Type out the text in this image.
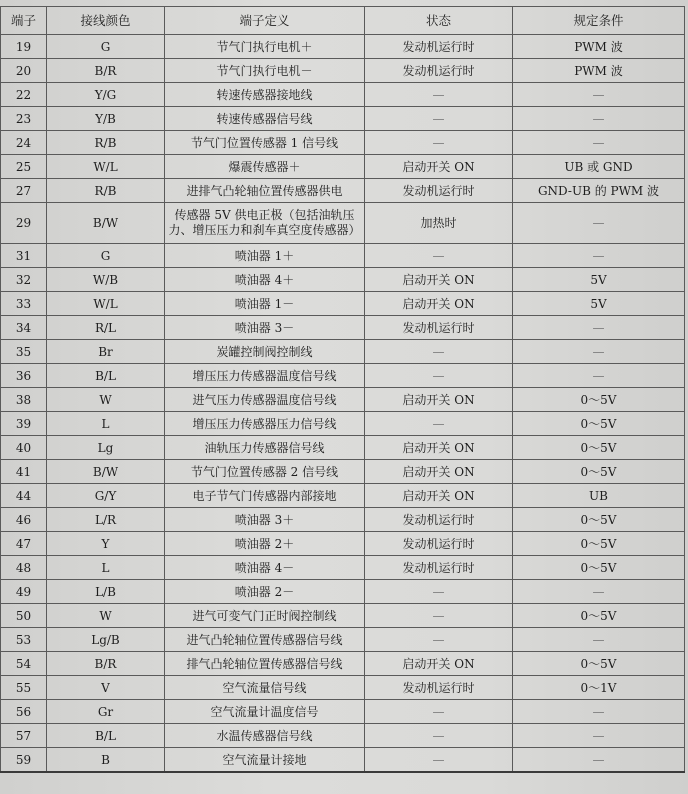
端子	接线颜色	端子定义	状态	规定条件
19	G	节气门执行电机＋	发动机运行时	PWM 波
20	B/R	节气门执行电机－	发动机运行时	PWM 波
22	Y/G	转速传感器接地线	—	—
23	Y/B	转速传感器信号线	—	—
24	R/B	节气门位置传感器 1 信号线	—	—
25	W/L	爆震传感器＋	启动开关 ON	UB 或 GND
27	R/B	进排气凸轮轴位置传感器供电	发动机运行时	GND-UB 的 PWM 波
29	B/W	传感器 5V 供电正极（包括油轨压力、增压压力和刹车真空度传感器）	加热时	—
31	G	喷油器 1＋	—	—
32	W/B	喷油器 4＋	启动开关 ON	5V
33	W/L	喷油器 1－	启动开关 ON	5V
34	R/L	喷油器 3－	发动机运行时	—
35	Br	炭罐控制阀控制线	—	—
36	B/L	增压压力传感器温度信号线	—	—
38	W	进气压力传感器温度信号线	启动开关 ON	0～5V
39	L	增压压力传感器压力信号线	—	0～5V
40	Lg	油轨压力传感器信号线	启动开关 ON	0～5V
41	B/W	节气门位置传感器 2 信号线	启动开关 ON	0～5V
44	G/Y	电子节气门传感器内部接地	启动开关 ON	UB
46	L/R	喷油器 3＋	发动机运行时	0～5V
47	Y	喷油器 2＋	发动机运行时	0～5V
48	L	喷油器 4－	发动机运行时	0～5V
49	L/B	喷油器 2－	—	—
50	W	进气可变气门正时阀控制线	—	0～5V
53	Lg/B	进气凸轮轴位置传感器信号线	—	—
54	B/R	排气凸轮轴位置传感器信号线	启动开关 ON	0～5V
55	V	空气流量信号线	发动机运行时	0～1V
56	Gr	空气流量计温度信号	—	—
57	B/L	水温传感器信号线	—	—
59	B	空气流量计接地	—	—
